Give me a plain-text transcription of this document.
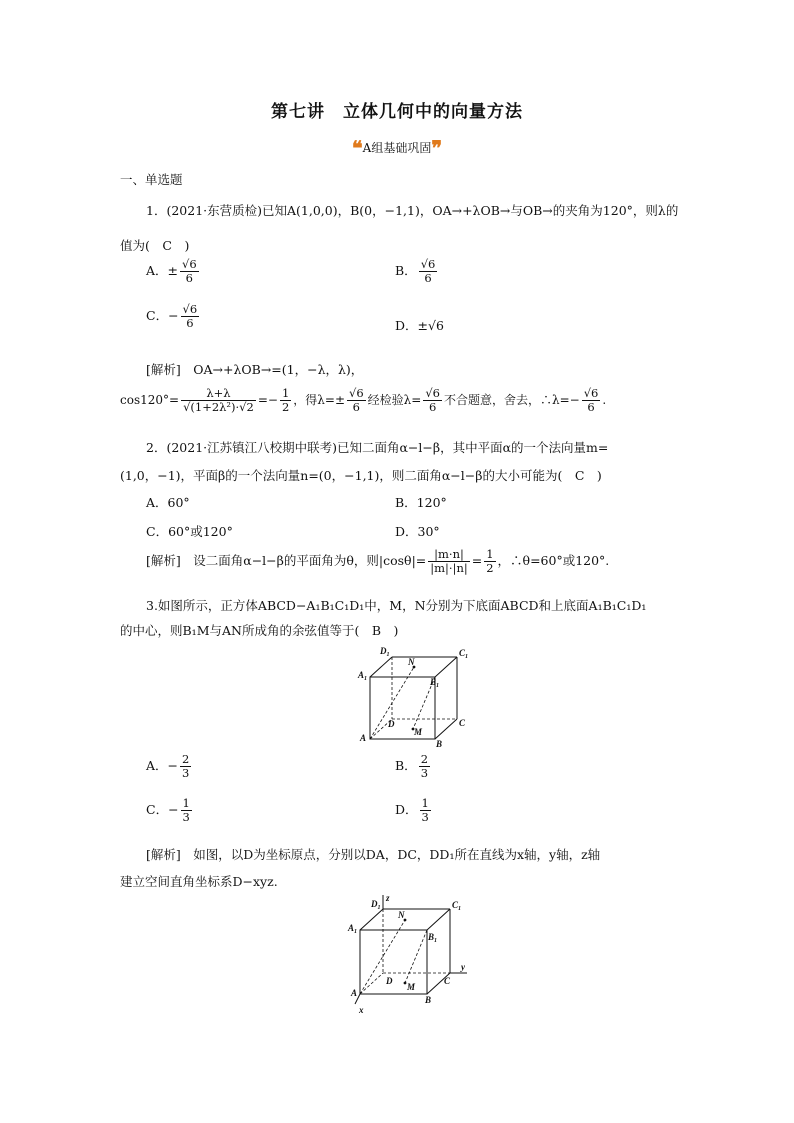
第七讲　立体几何中的向量方法
❝A组基础巩固❞
一、单选题
1．(2021·东营质检)已知A(1,0,0)，B(0，−1,1)，OA→+λOB→与OB→的夹角为120°，则λ的
值为(　C　)
A．± $\frac{√6}{6}$	B． $\frac{√6}{6}$
C．− $\frac{√6}{6}$	D．±√6
[解析]　OA→+λOB→=(1，−λ，λ)，
$\cos 120^\circ= \frac{\lambda+\lambda}{\text{√(1+2λ²)·√2}} =- \frac{1}{2}$ ，得$\lambda=\pm \frac{√6}{6}$ 经检验$\lambda= \frac{√6}{6}$ 不合题意，舍去，∴λ=− $\frac{√6}{6}$ .
2．(2021·江苏镇江八校期中联考)已知二面角α−l−β，其中平面α的一个法向量m=
(1,0，−1)，平面β的一个法向量n=(0，−1,1)，则二面角α−l−β的大小可能为(　C　)
A．60°	B．120°
C．60°或120°	D．30°
[解析]　设二面角α−l−β的平面角为θ，则$|\cos\theta|= \frac{|m\cdot n|}{|m|\cdot|n|} = \frac{1}{2}$ ，∴θ=60°或120°.
3.如图所示，正方体ABCD−A₁B₁C₁D₁中，M，N分别为下底面ABCD和上底面A₁B₁C₁D₁
的中心，则B₁M与AN所成角的余弦值等于(　B　)
$D_1$
N
$C_1$
$A_1$	$B_1$
D	C
M
A
B
A．− $\frac{2}{3}$	B． $\frac{2}{3}$
C．− $\frac{1}{3}$	D． $\frac{1}{3}$
[解析]　如图，以D为坐标原点，分别以DA，DC，DD₁所在直线为x轴，y轴，z轴
建立空间直角坐标系D−xyz.
z
$D_1$
N
$C_1$
$A_1$	$B_1$
y
D	C
M
A
B
x
